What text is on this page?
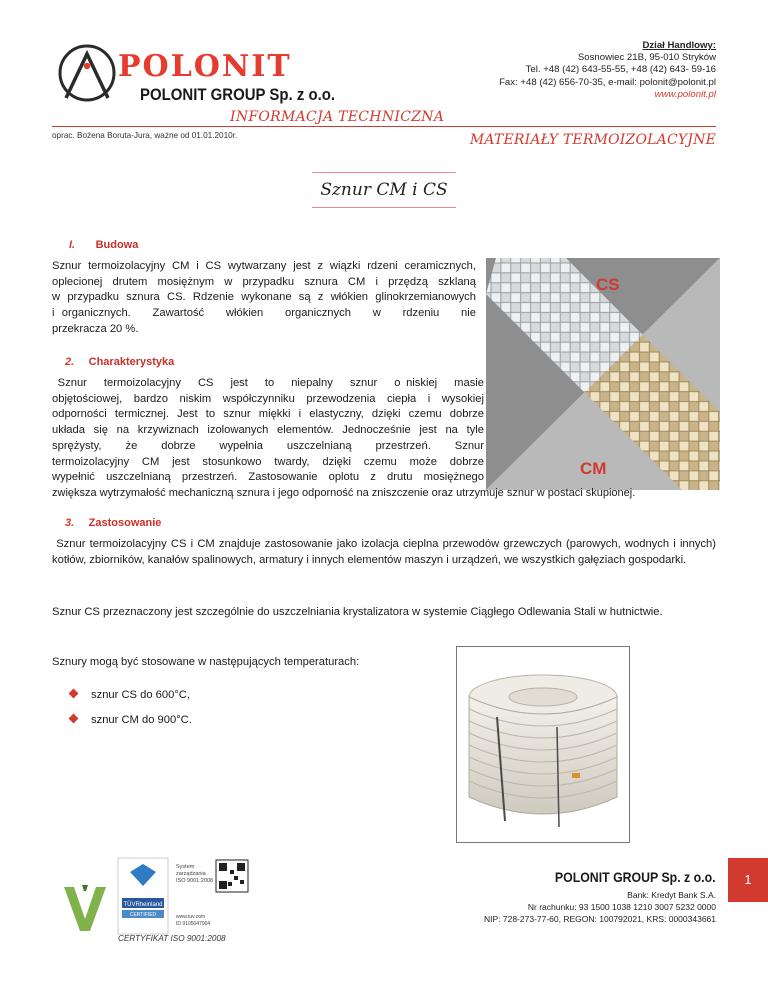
POLONIT
POLONIT GROUP Sp. z o.o.
Dział Handlowy:
Sosnowiec 21B, 95-010 Stryków
Tel. +48 (42) 643-55-55, +48 (42) 643- 59-16
Fax: +48 (42) 656-70-35, e-mail: polonit@polonit.pl
www.polonit.pl
INFORMACJA TECHNICZNA
oprac. Bożena Boruta-Jura, ważne od 01.01.2010r.	MATERIAŁY TERMOIZOLACYJNE
Sznur CM i CS
I. Budowa
Sznur termoizolacyjny CM i CS wytwarzany jest z wiązki rdzeni ceramicznych,
oplecionej drutem mosiężnym w przypadku sznura CM i przędzą szklaną
w przypadku sznura CS. Rdzenie wykonane są z włókien glinokrzemianowych
i organicznych.   Zawartość   włókien   organicznych   w   rdzeniu   nie
przekracza 20 %.
CS
CM
2. Charakterystyka
Sznur   termoizolacyjny   CS   jest   to   niepalny   sznur   o niskiej   masie
objętościowej, bardzo niskim współczynniku przewodzenia ciepła i wysokiej
odporności termicznej. Jest to sznur miękki i elastyczny, dzięki czemu dobrze
układa się na krzywiznach izolowanych elementów. Jednocześnie jest na tyle
sprężysty,    że    dobrze    wypełnia    uszczelnianą    przestrzeń.    Sznur
termoizolacyjny CM jest stosunkowo twardy, dzięki czemu może dobrze
wypełnić uszczelnianą przestrzeń. Zastosowanie oplotu z drutu mosiężnego
zwiększa wytrzymałość mechaniczną sznura i jego odporność na zniszczenie oraz utrzymuje sznur w postaci skupionej.
3. Zastosowanie
Sznur termoizolacyjny CS i CM znajduje zastosowanie jako izolacja cieplna przewodów grzewczych (parowych, wodnych i innych) kotłów, zbiorników, kanałów spalinowych, armatury i innych elementów maszyn i urządzeń, we wszystkich gałęziach gospodarki.
Sznur CS przeznaczony jest szczególnie do uszczelniania krystalizatora w systemie Ciągłego Odlewania Stali w hutnictwie.
Sznury mogą być stosowane w następujących temperaturach:
sznur CS do 600°C,
sznur CM do 900°C.
TÜVRheinland
CERTIFIED
System
zarządzania
ISO 9001:2008
www.tuv.com
ID 9105047904
CERTYFIKAT ISO 9001:2008
POLONIT GROUP Sp. z o.o.
Bank: Kredyt Bank S.A.
Nr rachunku: 93 1500 1038 1210 3007 5232 0000
NIP: 728-273-77-60, REGON: 100792021, KRS: 0000343661
1
